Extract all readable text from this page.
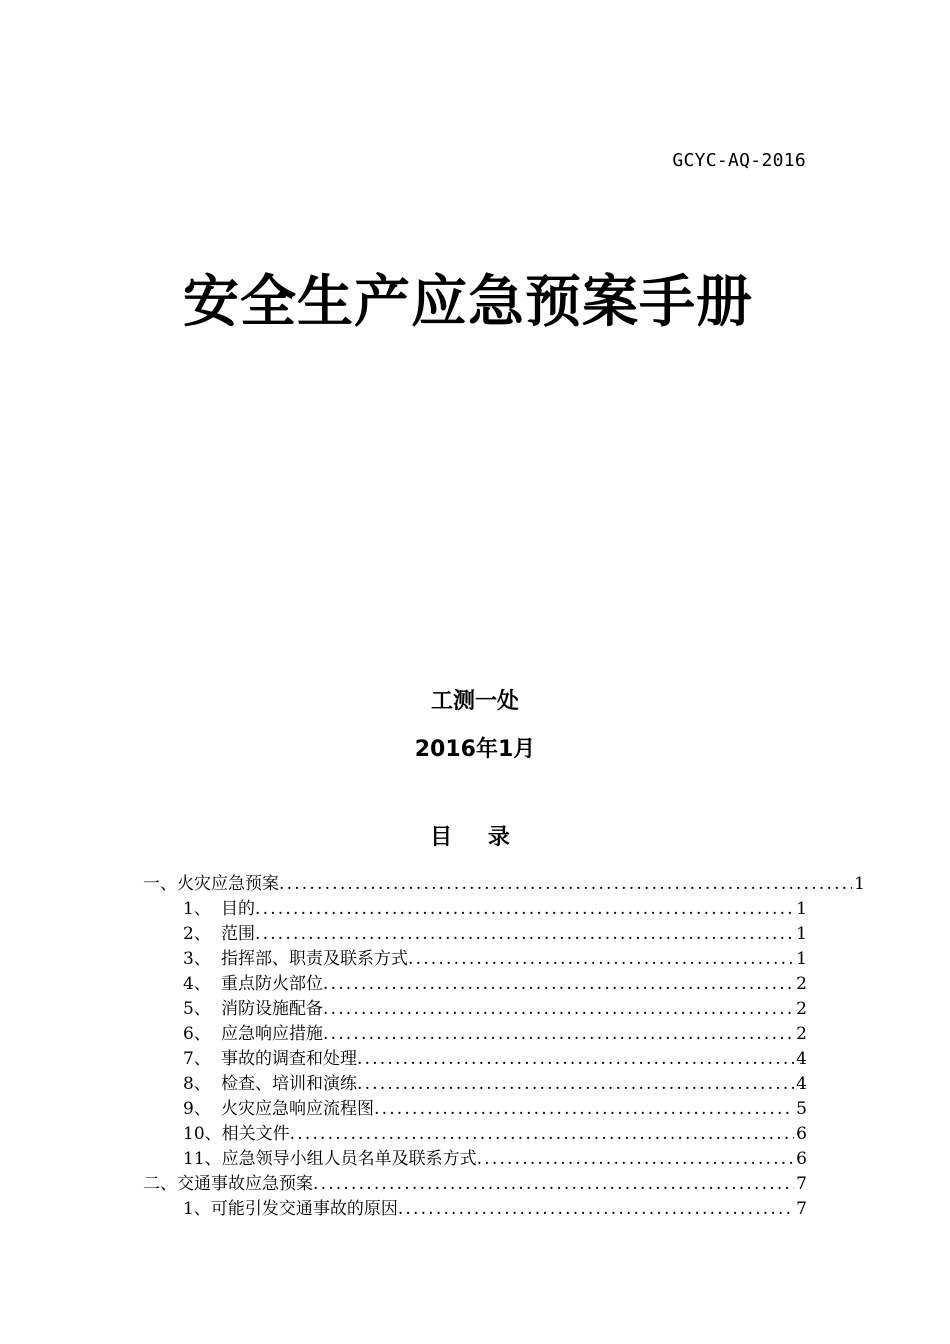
GCYC-AQ-2016
安全生产应急预案手册
工测一处
2016年1月
目 录
一、火灾应急预案 .....	1
1、 目的 .....	1
2、 范围 .....	1
3、 指挥部、职责及联系方式 .....	1
4、 重点防火部位 .....	2
5、 消防设施配备 .....	2
6、 应急响应措施 .....	2
7、 事故的调查和处理 .....	4
8、 检查、培训和演练 .....	4
9、 火灾应急响应流程图 .....	5
10、相关文件 .....	6
11、应急领导小组人员名单及联系方式 .....	6
二、交通事故应急预案 .....	7
1、可能引发交通事故的原因 .....	7
